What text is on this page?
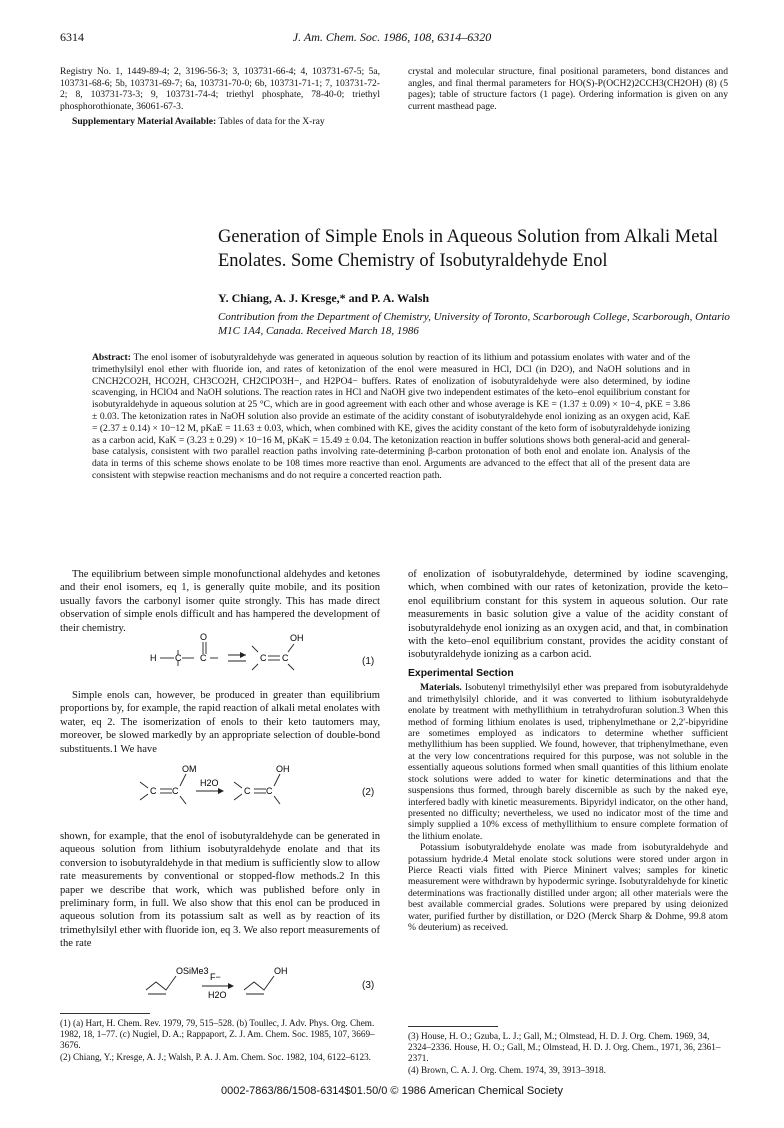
6314	J. Am. Chem. Soc. 1986, 108, 6314–6320

Registry No. 1, 1449-89-4; 2, 3196-56-3; 3, 103731-66-4; 4, 103731-67-5; 5a, 103731-68-6; 5b, 103731-69-7; 6a, 103731-70-0; 6b, 103731-71-1; 7, 103731-72-2; 8, 103731-73-3; 9, 103731-74-4; triethyl phosphate, 78-40-0; triethyl phosphorothionate, 36061-67-3.

Supplementary Material Available: Tables of data for the X-ray

crystal and molecular structure, final positional parameters, bond distances and angles, and final thermal parameters for HO(S)-P(OCH2)2CCH3(CH2OH) (8) (5 pages); table of structure factors (1 page). Ordering information is given on any current masthead page.

Generation of Simple Enols in Aqueous Solution from Alkali Metal Enolates. Some Chemistry of Isobutyraldehyde Enol
Y. Chiang, A. J. Kresge,* and P. A. Walsh
Contribution from the Department of Chemistry, University of Toronto, Scarborough College, Scarborough, Ontario M1C 1A4, Canada. Received March 18, 1986
Abstract: The enol isomer of isobutyraldehyde was generated in aqueous solution by reaction of its lithium and potassium enolates with water and of the trimethylsilyl enol ether with fluoride ion, and rates of ketonization of the enol were measured in HCl, DCl (in D2O), and NaOH solutions and in CNCH2CO2H, HCO2H, CH3CO2H, CH2ClPO3H−, and H2PO4− buffers. Rates of enolization of isobutyraldehyde were also determined, by iodine scavenging, in HClO4 and NaOH solutions. The reaction rates in HCl and NaOH give two independent estimates of the keto–enol equilibrium constant for isobutyraldehyde in aqueous solution at 25 °C, which are in good agreement with each other and whose average is KE = (1.37 ± 0.09) × 10−4, pKE = 3.86 ± 0.03. The ketonization rates in NaOH solution also provide an estimate of the acidity constant of isobutyraldehyde enol ionizing as an oxygen acid, KaE = (2.37 ± 0.14) × 10−12 M, pKaE = 11.63 ± 0.03, which, when combined with KE, gives the acidity constant of the keto form of isobutyraldehyde ionizing as a carbon acid, KaK = (3.23 ± 0.29) × 10−16 M, pKaK = 15.49 ± 0.04. The ketonization reaction in buffer solutions shows both general-acid and general-base catalysis, consistent with two parallel reaction paths involving rate-determining β-carbon protonation of both enol and enolate ion. Analysis of the data in terms of this scheme shows enolate to be 108 times more reactive than enol. Arguments are advanced to the effect that all of the present data are consistent with stepwise reaction mechanisms and do not require a concerted reaction path.

The equilibrium between simple monofunctional aldehydes and ketones and their enol isomers, eq 1, is generally quite mobile, and its position usually favors the carbonyl isomer quite strongly. This has made direct observation of simple enols difficult and has hampered the development of their chemistry.

H C C
O
C C
OH
(1)

Simple enols can, however, be produced in greater than equilibrium proportions by, for example, the rapid reaction of alkali metal enolates with water, eq 2. The isomerization of enols to their keto tautomers may, moreover, be slowed markedly by an appropriate selection of double-bond substituents.1 We have

C C
OM
H2O
C C
OH
(2)

shown, for example, that the enol of isobutyraldehyde can be generated in aqueous solution from lithium isobutyraldehyde enolate and that its conversion to isobutyraldehyde in that medium is sufficiently slow to allow rate measurements by conventional or stopped-flow methods.2 In this paper we describe that work, which was published before only in preliminary form, in full. We also show that this enol can be produced in aqueous solution from its potassium salt as well as by reaction of its trimethylsilyl ether with fluoride ion, eq 3. We also report measurements of the rate

OSiMe3
F−
H2O
OH
(3)

(1) (a) Hart, H. Chem. Rev. 1979, 79, 515–528. (b) Toullec, J. Adv. Phys. Org. Chem. 1982, 18, 1–77. (c) Nugiel, D. A.; Rappaport, Z. J. Am. Chem. Soc. 1985, 107, 3669–3676.

(2) Chiang, Y.; Kresge, A. J.; Walsh, P. A. J. Am. Chem. Soc. 1982, 104, 6122–6123.

of enolization of isobutyraldehyde, determined by iodine scavenging, which, when combined with our rates of ketonization, provide the keto–enol equilibrium constant for this system in aqueous solution. Our rate measurements in basic solution give a value of the acidity constant of isobutyraldehyde enol ionizing as an oxygen acid, and that, in combination with the keto–enol equilibrium constant, provides the acidity constant of isobutyraldehyde ionizing as a carbon acid.

Experimental Section

Materials. Isobutenyl trimethylsilyl ether was prepared from isobutyraldehyde and trimethylsilyl chloride, and it was converted to lithium isobutyraldehyde enolate by treatment with methyllithium in tetrahydrofuran solution.3 When this method of forming lithium enolates is used, triphenylmethane or 2,2′-bipyridine are sometimes employed as indicators to determine whether sufficient methyllithium has been supplied. We found, however, that triphenylmethane, even at the very low concentrations required for this purpose, was not soluble in the essentially aqueous solutions formed when small quantities of this lithium enolate stock solutions were added to water for kinetic determinations and that the suspensions thus formed, through barely discernible as such by the naked eye, interfered badly with kinetic measurements. Bipyridyl indicator, on the other hand, presented no difficulty; nevertheless, we used no indicator most of the time and simply supplied a 10% excess of methyllithium to ensure complete formation of the lithium enolate.

Potassium isobutyraldehyde enolate was made from isobutyraldehyde and potassium hydride.4 Metal enolate stock solutions were stored under argon in Pierce Reacti vials fitted with Pierce Mininert valves; samples for kinetic measurement were withdrawn by hypodermic syringe. Isobutyraldehyde for kinetic determinations was fractionally distilled under argon; all other materials were the best available commercial grades. Solutions were prepared by using deionized water, purified further by distillation, or D2O (Merck Sharp & Dohme, 99.8 atom % deuterium) as received.

(3) House, H. O.; Gzuba, L. J.; Gall, M.; Olmstead, H. D. J. Org. Chem. 1969, 34, 2324–2336. House, H. O.; Gall, M.; Olmstead, H. D. J. Org. Chem., 1971, 36, 2361–2371.

(4) Brown, C. A. J. Org. Chem. 1974, 39, 3913–3918.

0002-7863/86/1508-6314$01.50/0 © 1986 American Chemical Society
